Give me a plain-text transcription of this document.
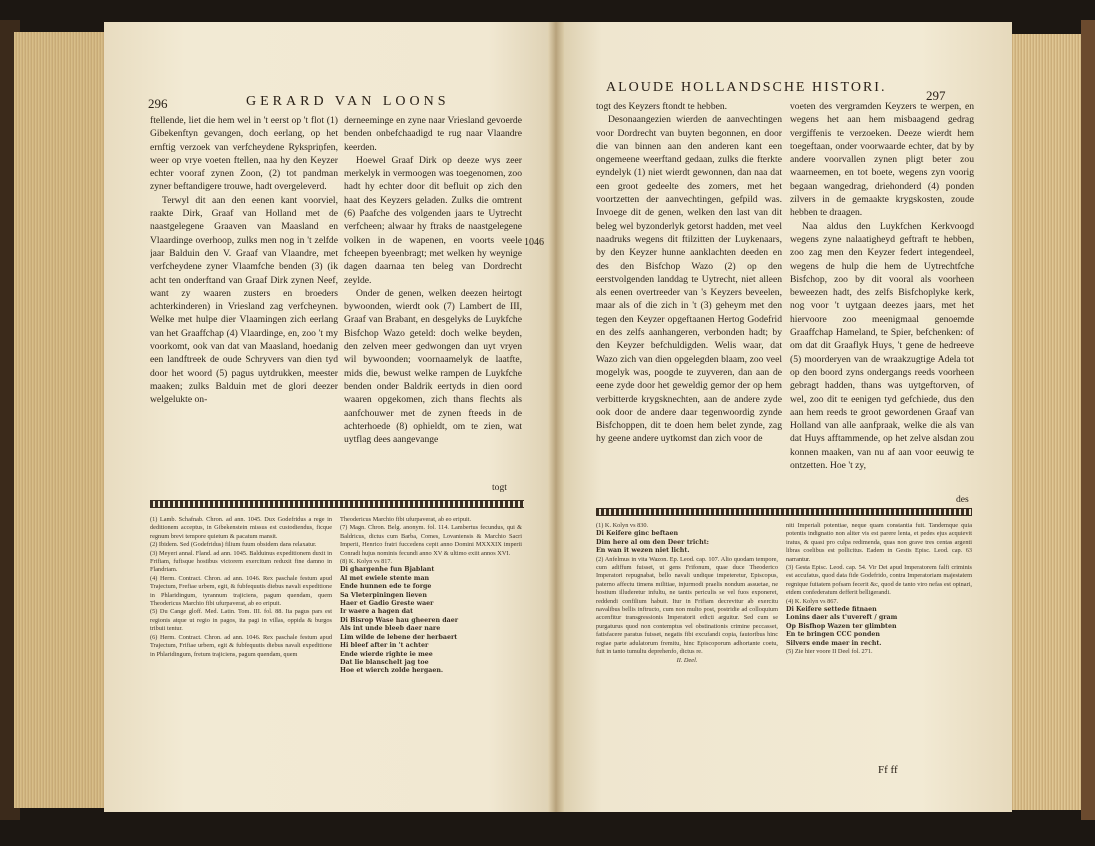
296	GERARD VAN LOONS

ftellende, liet die hem wel in 't eerst op 't flot (1) Gibekenftyn gevangen, doch eerlang, op het ernftig verzoek van verfcheydene Rykspriņfen, weer op vrye voeten ftellen, naa hy den Keyzer echter vooraf zynen Zoon, (2) tot pandman zyner beftandigere trouwe, hadt overgeleverd.

Terwyl dit aan den eenen kant voorviel, raakte Dirk, Graaf van Holland met de naastgelegene Graaven van Maasland en Vlaardinge overhoop, zulks men nog in 't zelfde jaar Balduin den V. Graaf van Vlaandre, met verfcheydene zyner Vlaamfche benden (3) (ik acht ten onderftand van Graaf Dirk zynen Neef, want zy waaren zusters en broeders achterkinderen) in Vriesland zag verfcheynen. Welke met hulpe dier Vlaamingen zich eerlang van het Graaffchap (4) Vlaardinge, en, zoo 't my voorkomt, ook van dat van Maasland, hoedanig een landftreek de oude Schryvers van dien tyd door het woord (5) pagus uytdrukken, meester maaken; zulks Balduin met de glori deezer welgelukte on-

derneeminge en zyne naar Vriesland gevoerde benden onbefchaadigd te rug naar Vlaandre keerden.

Hoewel Graaf Dirk op deeze wys zeer merkelyk in vermoogen was toegenomen, zoo hadt hy echter door dit befluit op zich den haat des Keyzers geladen. Zulks die omtrent (6) Paafche des volgenden jaars te Uytrecht verfcheen; alwaar hy ftraks de naastgelegene volken in de wapenen, en voorts veele fcheepen byeenbragt; met welken hy weynige dagen daarnaa ten beleg van Dordrecht zeylde.

Onder de genen, welken deezen heirtogt bywoonden, wierdt ook (7) Lambert de III, Graaf van Brabant, en desgelyks de Luykfche Bisfchop Wazo geteld: doch welke beyden, den zelven meer gedwongen dan uyt vryen wil bywoonden; voornaamelyk de laatfte, mids die, bewust welke rampen de Luykfche benden onder Baldrik eertyds in dien oord waaren opgekomen, zich thans flechts als aanfchouwer met de zynen fteeds in de achterhoede (8) ophieldt, om te zien, wat uytflag dees aangevange

1046
togt

(1) Lamb. Schafnab. Chron. ad ann. 1045. Dux Godefridus a rege in deditionem acceptus, in Gibekenstein missus est custodiendus, ficque regnum brevi tempore quietum & pacatum mansit.

(2) Ibidem. Sed (Godefridus) filium fuum obsidem dans relaxatur.

(3) Meyeri annal. Fland. ad ann. 1045. Balduinus expeditionem duxit in Frifiam, fufisque hostibus victorem exercitum reduxit fine damno in Flandriam.

(4) Herm. Contract. Chron. ad ann. 1046. Rex paschale festum apud Trajectum, Frefiae urbem, egit, & fubfequutis diebus navali expeditione in Phlaridingum, tyrannum trajiciens, pagum quendam, quem Theodericus Marchio fibi ufurpaverat, ab eo eripuit.

(5) Du Cange gloff. Med. Latin. Tom. III. fol. 88. Ita pagus pars est regionis atque ut regio in pagos, ita pagi in villas, oppida & burgos tribuii tentur.

(6) Herm. Contract. Chron. ad ann. 1046. Rex paschale festum apud Trajectum, Frifiae urbem, egit & fubfequutis diebus navali expeditione in Phlaridingum, fretum trajiciens, pagum quendam, quem

Theodericus Marchio fibi ufurpaverat, ab eo eripuit.

(7) Magn. Chron. Belg. anonym. fol. 114. Lambertus fecundus, qui & Baldricus, dictus cum Barba, Comes, Lovaniensis & Marchio Sacri Imperii, Henrico fratri fuccedens cepit anno Domini MXXXIX imperii Conradi hujus nominis fecundi anno XV & ultimo exiit annos XVI.

(8) K. Kolyn vs 817.

Di ghargenhe fun Bjablant

Al met ewiele stente man

Ende hunnen ede te forge

Sa Vleterpiningen lieven

Haer et Gadio Greste waer

Ir waere a hagen dat

Di Bisrop Wase hau gheeren daer

Als int unde bleeb daer nare

Lim wilde de lebene der herbaert

Hi bleef after in 't achter

Ende wierde righte ie mee

Dat lie blanschelt jag toe

Hoe et wierch zolde hergaen.

ALOUDE HOLLANDSCHE HISTORI.
297

togt des Keyzers ftondt te hebben.

Desonaangezien wierden de aanvechtingen voor Dordrecht van buyten begonnen, en door die van binnen aan den anderen kant een ongemeene weerftand gedaan, zulks die fterkte eyndelyk (1) niet wierdt gewonnen, dan naa dat een groot gedeelte des zomers, met het voortzetten der aanvechtingen, gefpild was. Invoege dit de genen, welken den last van dit beleg wel byzonderlyk getorst hadden, met veel naadruks wegens dit ftilzitten der Luykenaars, by den Keyzer hunne aanklachten deeden en des den Bisfchop Wazo (2) op den eerstvolgenden landdag te Uytrecht, niet alleen als eenen overtreeder van 's Keyzers beveelen, maar als of die zich in 't (3) geheym met den tegen den Keyzer opgeftaanen Hertog Godefrid en des zelfs aanhangeren, verbonden hadt; by den Keyzer befchuldigden. Welis waar, dat Wazo zich van dien opgelegden blaam, zoo veel mogelyk was, poogde te zuyveren, dan aan de eene zyde door het geweldig gemor der op hem verbitterde krygsknechten, aan de andere zyde ook door de andere daar tegenwoordig zynde Bisfchoppen, dit te doen hem belet zynde, zag hy geene andere uytkomst dan zich voor de

voeten des vergramden Keyzers te werpen, en wegens het aan hem misbaagend gedrag vergiffenis te verzoeken. Deeze wierdt hem toegeftaan, onder voorwaarde echter, dat by by andere voorvallen zynen pligt beter zou waarneemen, en tot boete, wegens zyn voorig begaan wangedrag, driehonderd (4) ponden zilvers in de gemaakte krygskosten, zoude hebben te draagen.

Naa aldus den Luykfchen Kerkvoogd wegens zyne nalaatigheyd geftraft te hebben, zoo zag men den Keyzer federt integendeel, wegens de hulp die hem de Uytrechtfche Bisfchop, zoo by dit vooral als voorheen beweezen hadt, des zelfs Bisfchoplyke kerk, nog voor 't uytgaan deezes jaars, met het hiervoore zoo meenigmaal genoemde Graaffchap Hameland, te Spier, befchenken: of om dat dit Graaflyk Huys, 't gene de hedreeve (5) moorderyen van de wraakzugtige Adela tot op den boord zyns ondergangs reeds voorheen gebragt hadden, thans was uytgeftorven, of wel, zoo dit te eenigen tyd gefchiede, dus den aan hem reeds te groot gewordenen Graaf van Holland van alle aanfpraak, welke die als van dat Huys afftammende, op het zelve alsdan zou konnen maaken, van nu af aan voor eeuwig te ontzetten. Hoe 't zy,

des

(1) K. Kolyn vs 830.

Di Keifere ginc beftaen

Dim here al om den Deer tricht:

En wan it wezen niet licht.

(2) Anfelmus in vita Wazon. Ep. Leod. cap. 107. Alio quodam tempore, cum adiffum fuisset, ut gens Frifonum, quae duce Theoderico Imperatori repugnabat, bello navali undique impeteretur, Episcopus, paterno affectu timens militiae, injurmodi praelis nondum assuetae, ne hostium illuderetur infultu, ne tantis periculis se vel fuos exponeret, reddendi confilium habuit. Itur in Frifiam decrevitur ab exercitu navalibus bellis inftructo, cum non multo post, postridie ad colloquium accenfitur transgressionis Imperatorii edicti arguitur. Sed cum se purgaturus quod non contemptus vel obstinationis crimine peccasset, fatisfacere paratus fuisset, negatis fibi excufandi copia, fautoribus hinc regiae parte adulatorum fremitu, hinc Episcoporum adhortante coetu, fuit in tanto tumultu deprehenfo, dictus re.

II. Deel.

niti Imperiali potentiae, neque quam constantia fuit. Tandemque quia potentis indignatio non aliter vis est parere lenta, et pedes ejus acquievit iratus, & quasi pro culpa redimenda, quas non grave tres centas argenti libras coelibus est pollicitus. Eadem in Gestis Episc. Leod. cap. 63 narrantur.

(3) Gesta Episc. Leod. cap. 54. Vir Dei apud Imperatorem falfi criminis est accufatus, quod data fide Godefrido, contra Imperatoriam majestatem regnique fuitatem pofsam fecerit &c, quod de tanto viro nefas est opinari, etdem confederatum defferit belligerandi.

(4) K. Kolyn vs 867.

Di Keifere settede fitnaen

Lonins daer als t'uvereft / gram

Op Bisfhop Wazen ter glimbten

En te bringen CCC ponden

Silvers ende maer in recht.

(5) Zie hier voore II Deel fol. 271.

Ff ff
